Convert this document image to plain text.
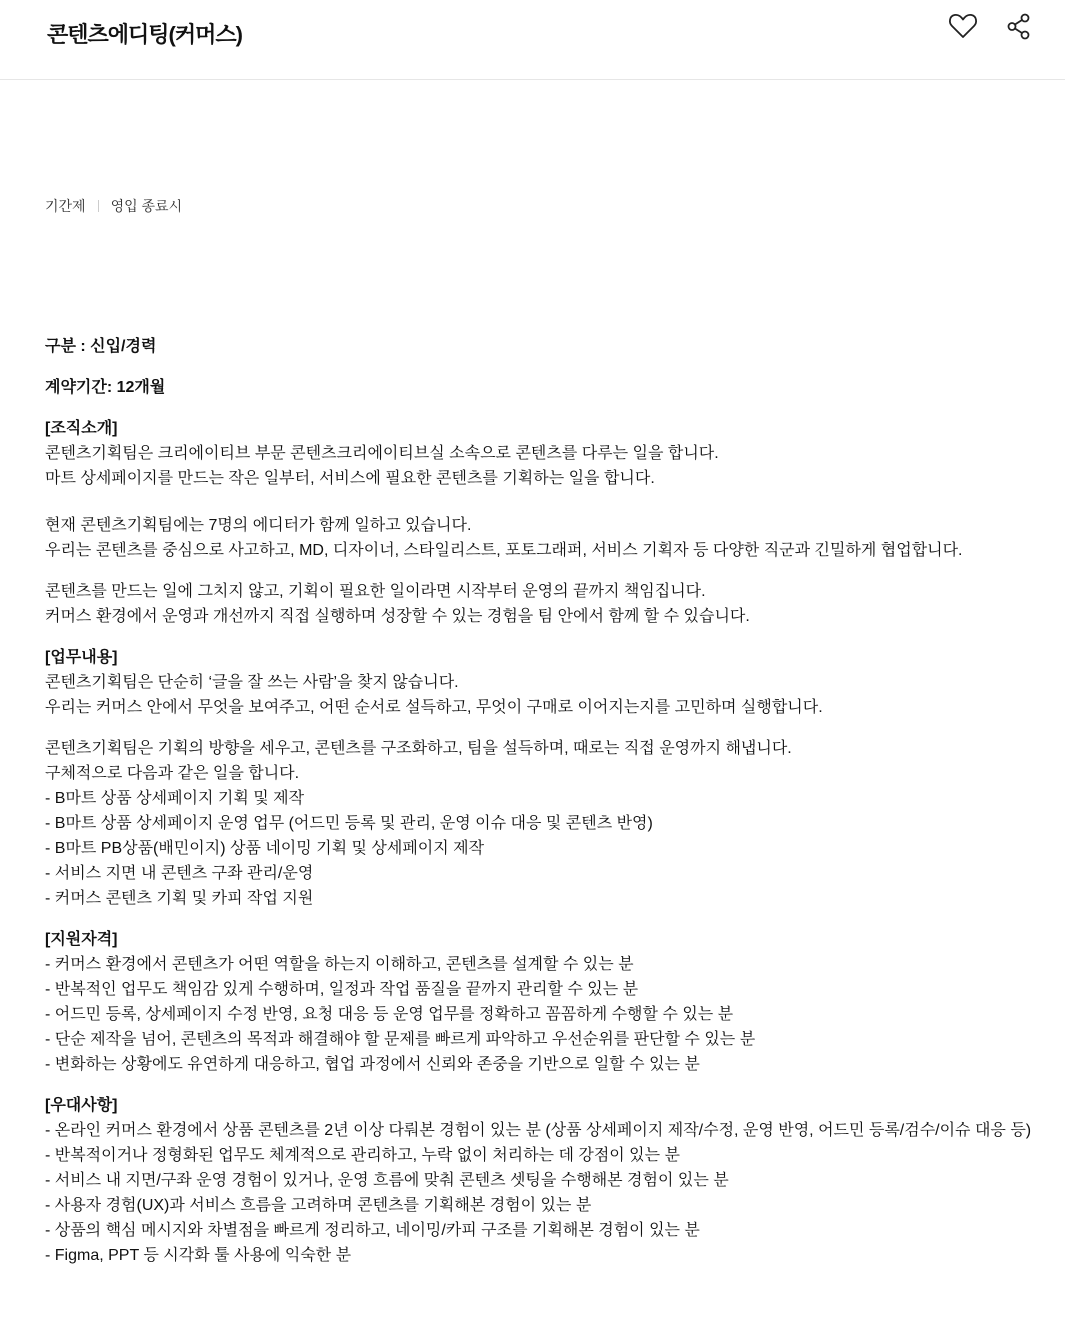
콘텐츠에디팅(커머스)
기간제 영입 종료시
구분 : 신입/경력
계약기간: 12개월
[조직소개]
콘텐츠기획팀은 크리에이티브 부문 콘텐츠크리에이티브실 소속으로 콘텐츠를 다루는 일을 합니다.
마트 상세페이지를 만드는 작은 일부터, 서비스에 필요한 콘텐츠를 기획하는 일을 합니다.
현재 콘텐츠기획팀에는 7명의 에디터가 함께 일하고 있습니다.
우리는 콘텐츠를 중심으로 사고하고, MD, 디자이너, 스타일리스트, 포토그래퍼, 서비스 기획자 등 다양한 직군과 긴밀하게 협업합니다.
콘텐츠를 만드는 일에 그치지 않고, 기획이 필요한 일이라면 시작부터 운영의 끝까지 책임집니다.
커머스 환경에서 운영과 개선까지 직접 실행하며 성장할 수 있는 경험을 팀 안에서 함께 할 수 있습니다.
[업무내용]
콘텐츠기획팀은 단순히 ‘글을 잘 쓰는 사람’을 찾지 않습니다.
우리는 커머스 안에서 무엇을 보여주고, 어떤 순서로 설득하고, 무엇이 구매로 이어지는지를 고민하며 실행합니다.
콘텐츠기획팀은 기획의 방향을 세우고, 콘텐츠를 구조화하고, 팀을 설득하며, 때로는 직접 운영까지 해냅니다.
구체적으로 다음과 같은 일을 합니다.
- B마트 상품 상세페이지 기획 및 제작
- B마트 상품 상세페이지 운영 업무 (어드민 등록 및 관리, 운영 이슈 대응 및 콘텐츠 반영)
- B마트 PB상품(배민이지) 상품 네이밍 기획 및 상세페이지 제작
- 서비스 지면 내 콘텐츠 구좌 관리/운영
- 커머스 콘텐츠 기획 및 카피 작업 지원
[지원자격]
- 커머스 환경에서 콘텐츠가 어떤 역할을 하는지 이해하고, 콘텐츠를 설계할 수 있는 분
- 반복적인 업무도 책임감 있게 수행하며, 일정과 작업 품질을 끝까지 관리할 수 있는 분
- 어드민 등록, 상세페이지 수정 반영, 요청 대응 등 운영 업무를 정확하고 꼼꼼하게 수행할 수 있는 분
- 단순 제작을 넘어, 콘텐츠의 목적과 해결해야 할 문제를 빠르게 파악하고 우선순위를 판단할 수 있는 분
- 변화하는 상황에도 유연하게 대응하고, 협업 과정에서 신뢰와 존중을 기반으로 일할 수 있는 분
[우대사항]
- 온라인 커머스 환경에서 상품 콘텐츠를 2년 이상 다뤄본 경험이 있는 분 (상품 상세페이지 제작/수정, 운영 반영, 어드민 등록/검수/이슈 대응 등)
- 반복적이거나 정형화된 업무도 체계적으로 관리하고, 누락 없이 처리하는 데 강점이 있는 분
- 서비스 내 지면/구좌 운영 경험이 있거나, 운영 흐름에 맞춰 콘텐츠 셋팅을 수행해본 경험이 있는 분
- 사용자 경험(UX)과 서비스 흐름을 고려하며 콘텐츠를 기획해본 경험이 있는 분
- 상품의 핵심 메시지와 차별점을 빠르게 정리하고, 네이밍/카피 구조를 기획해본 경험이 있는 분
- Figma, PPT 등 시각화 툴 사용에 익숙한 분
